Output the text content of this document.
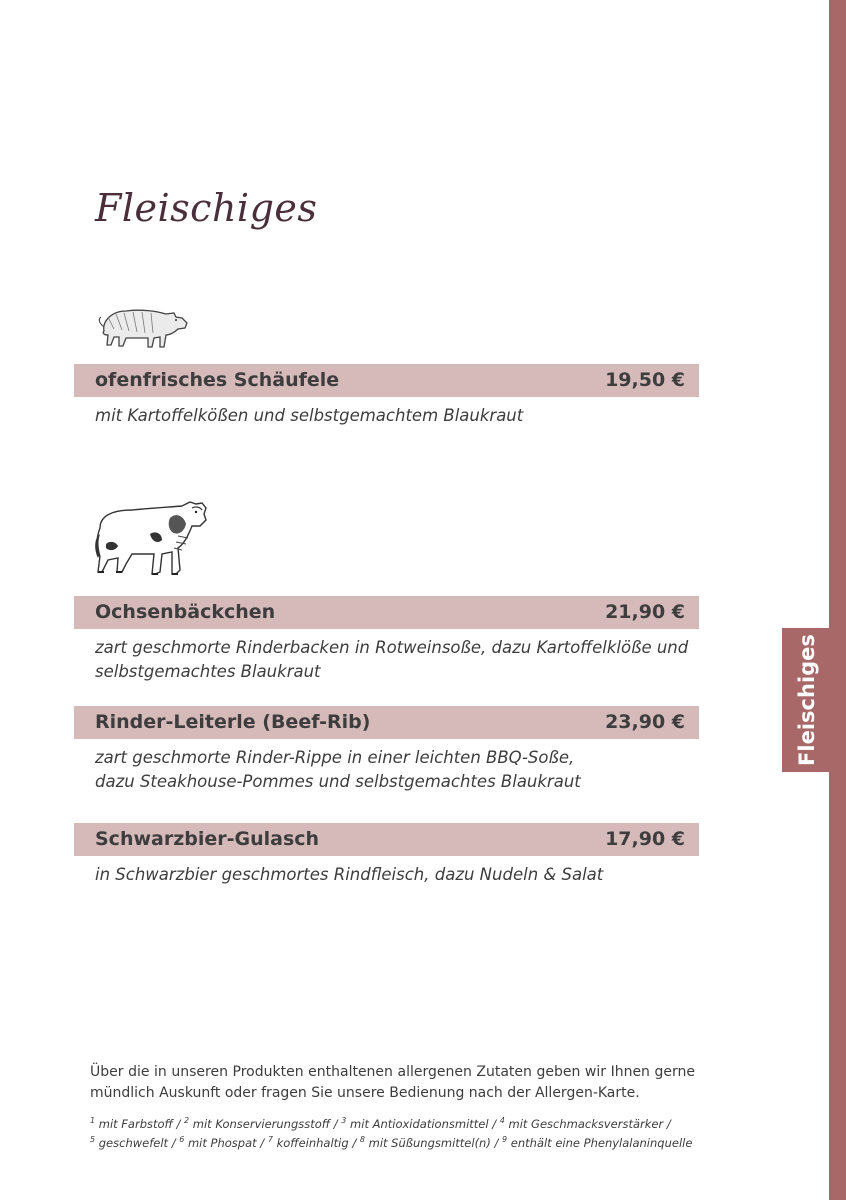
Fleischiges
Fleischiges
ofenfrisches Schäufele	19,50 €
mit Kartoffelkößen und selbstgemachtem Blaukraut
Ochsenbäckchen	21,90 €
zart geschmorte Rinderbacken in Rotweinsoße, dazu Kartoffelklöße und
selbstgemachtes Blaukraut
Rinder-Leiterle (Beef-Rib)	23,90 €
zart geschmorte Rinder-Rippe in einer leichten BBQ-Soße,
dazu Steakhouse-Pommes und selbstgemachtes Blaukraut
Schwarzbier-Gulasch	17,90 €
in Schwarzbier geschmortes Rindfleisch, dazu Nudeln & Salat
Über die in unseren Produkten enthaltenen allergenen Zutaten geben wir Ihnen gerne mündlich Auskunft oder fragen Sie unsere Bedienung nach der Allergen-Karte.
$^1$ mit Farbstoff / $^2$ mit Konservierungsstoff / $^3$ mit Antioxidationsmittel / $^4$ mit Geschmacksverstärker /
$^5$ geschwefelt / $^6$ mit Phospat / $^7$ koffeinhaltig / $^8$ mit Süßungsmittel(n) / $^9$ enthält eine Phenylalaninquelle
